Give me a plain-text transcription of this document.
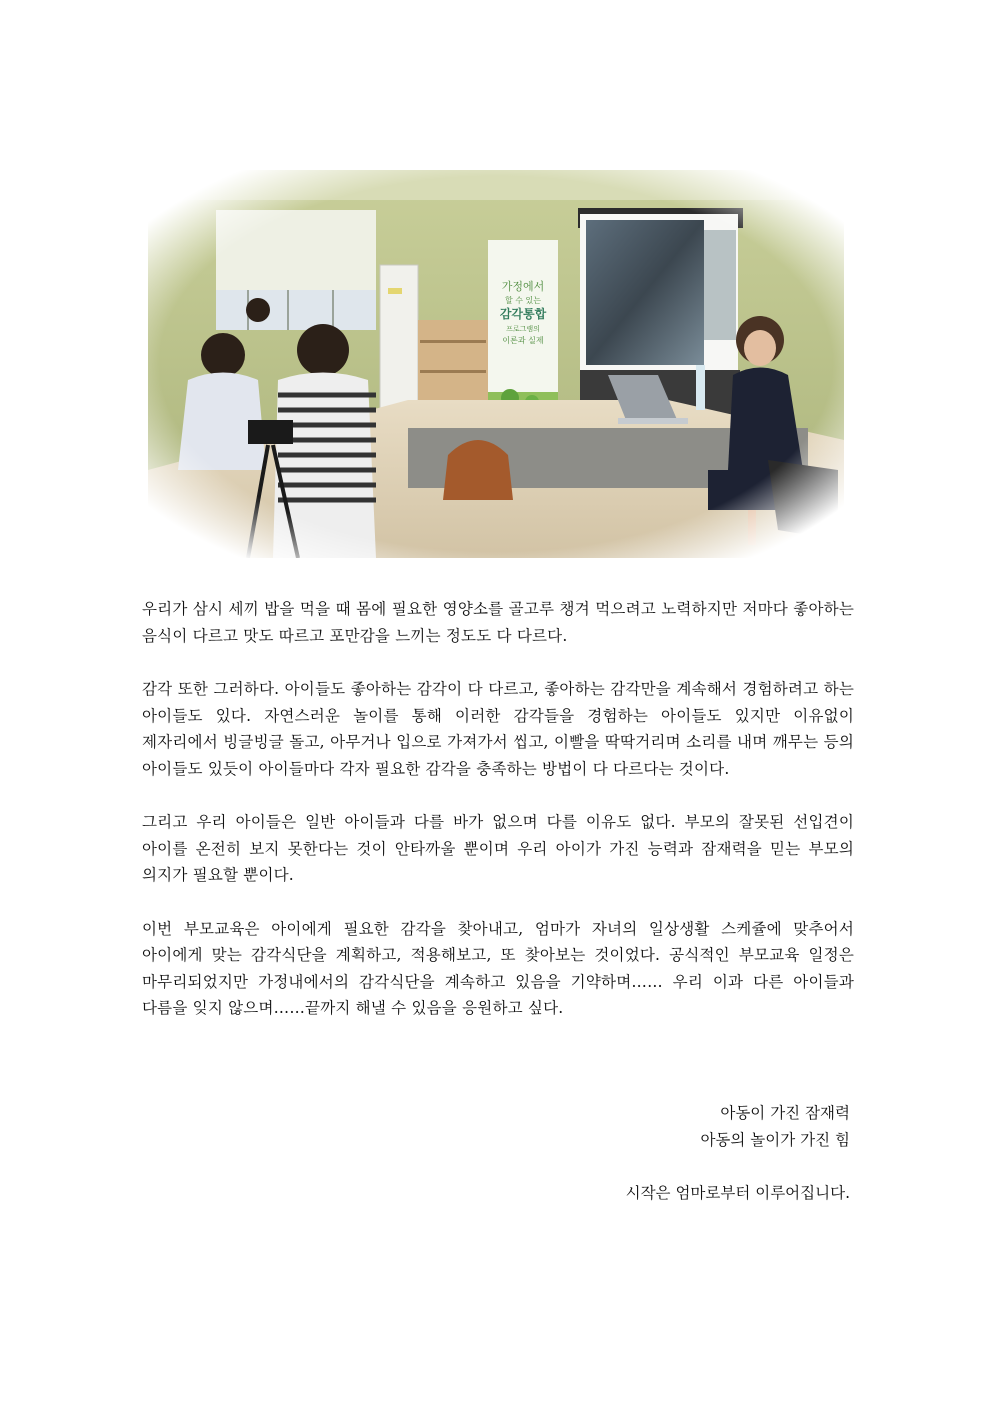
우리가 삼시 세끼 밥을 먹을 때 몸에 필요한 영양소를 골고루 챙겨 먹으려고 노력하지만 저마다 좋아하는 음식이 다르고 맛도 따르고 포만감을 느끼는 정도도 다 다르다.

감각 또한 그러하다. 아이들도 좋아하는 감각이 다 다르고, 좋아하는 감각만을 계속해서 경험하려고 하는 아이들도 있다. 자연스러운 놀이를 통해 이러한 감각들을 경험하는 아이들도 있지만 이유없이 제자리에서 빙글빙글 돌고, 아무거나 입으로 가져가서 씹고, 이빨을 딱딱거리며 소리를 내며 깨무는 등의 아이들도 있듯이 아이들마다 각자 필요한 감각을 충족하는 방법이 다 다르다는 것이다.

그리고 우리 아이들은 일반 아이들과 다를 바가 없으며 다를 이유도 없다. 부모의 잘못된 선입견이 아이를 온전히 보지 못한다는 것이 안타까울 뿐이며 우리 아이가 가진 능력과 잠재력을 믿는 부모의 의지가 필요할 뿐이다.

이번 부모교육은 아이에게 필요한 감각을 찾아내고, 엄마가 자녀의 일상생활 스케쥴에 맞추어서 아이에게 맞는 감각식단을 계획하고, 적용해보고, 또 찾아보는 것이었다. 공식적인 부모교육 일정은 마무리되었지만 가정내에서의 감각식단을 계속하고 있음을 기약하며…… 우리 이과 다른 아이들과 다름을 잊지 않으며……끝까지 해낼 수 있음을 응원하고 싶다.

아동이 가진 잠재력
아동의 놀이가 가진 힘
시작은 엄마로부터 이루어집니다.
